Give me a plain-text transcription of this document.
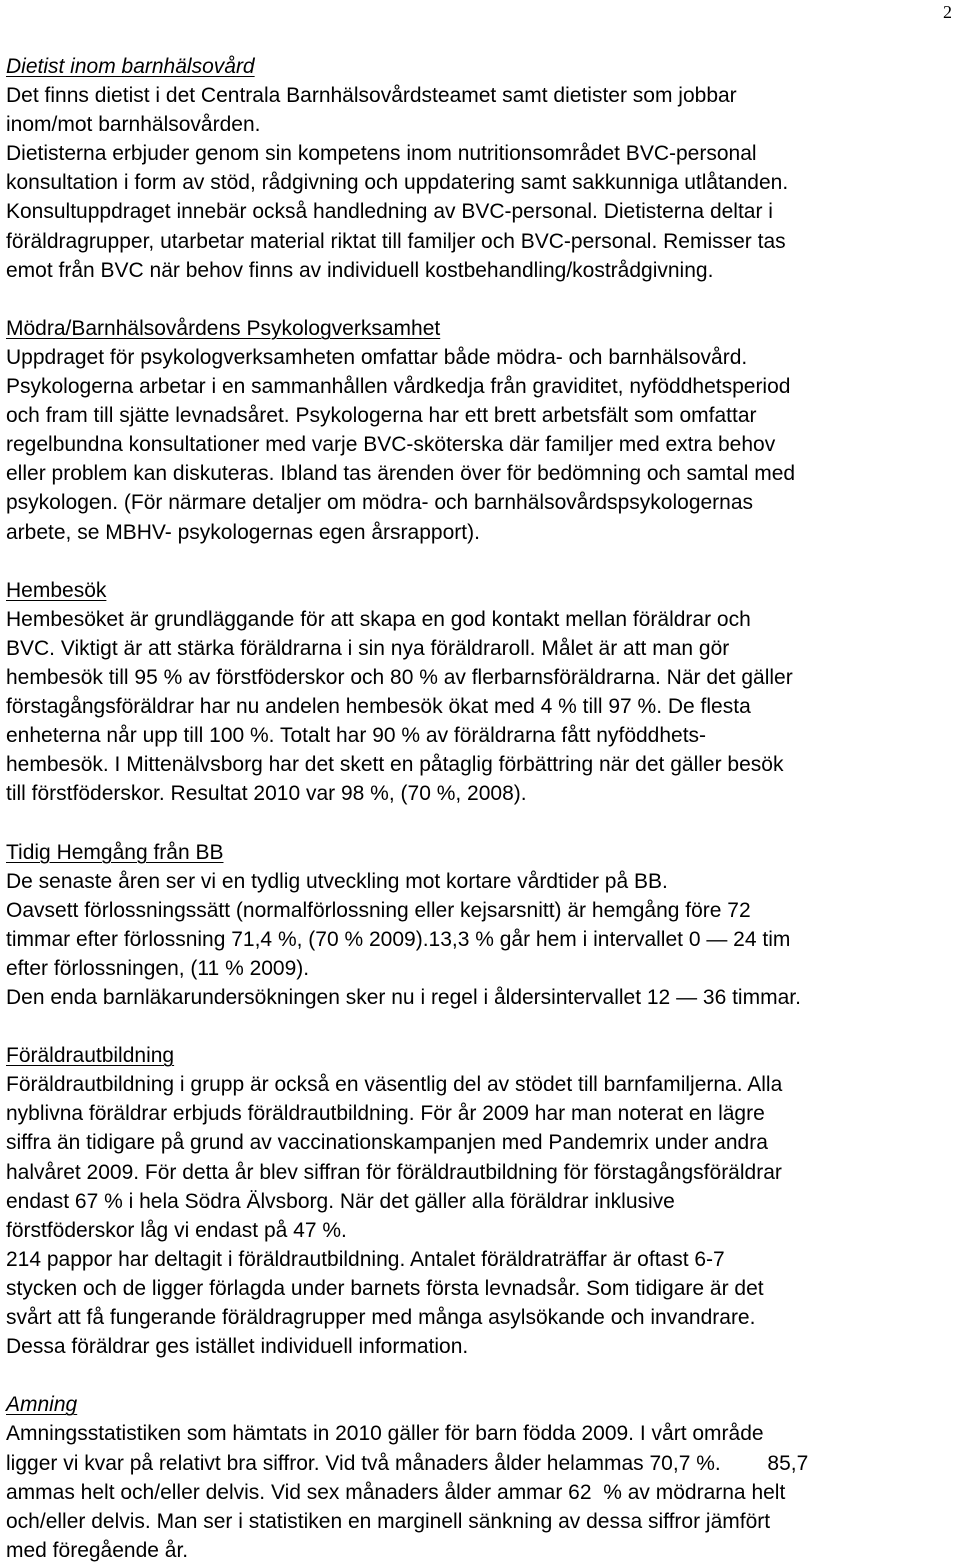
2
Dietist inom barnhälsovård
Det finns dietist i det Centrala Barnhälsovårdsteamet samt dietister som jobbar
inom/mot barnhälsovården.
Dietisterna erbjuder genom sin kompetens inom nutritionsområdet BVC-personal
konsultation i form av stöd, rådgivning och uppdatering samt sakkunniga utlåtanden.
Konsultuppdraget innebär också handledning av BVC-personal. Dietisterna deltar i
föräldragrupper, utarbetar material riktat till familjer och BVC-personal. Remisser tas
emot från BVC när behov finns av individuell kostbehandling/kostrådgivning.
Mödra/Barnhälsovårdens Psykologverksamhet
Uppdraget för psykologverksamheten omfattar både mödra- och barnhälsovård.
Psykologerna arbetar i en sammanhållen vårdkedja från graviditet, nyföddhetsperiod
och fram till sjätte levnadsåret. Psykologerna har ett brett arbetsfält som omfattar
regelbundna konsultationer med varje BVC-sköterska där familjer med extra behov
eller problem kan diskuteras. Ibland tas ärenden över för bedömning och samtal med
psykologen. (För närmare detaljer om mödra- och barnhälsovårdspsykologernas
arbete, se MBHV- psykologernas egen årsrapport).
Hembesök
Hembesöket är grundläggande för att skapa en god kontakt mellan föräldrar och
BVC. Viktigt är att stärka föräldrarna i sin nya föräldraroll. Målet är att man gör
hembesök till 95 % av förstföderskor och 80 % av flerbarnsföräldrarna. När det gäller
förstagångsföräldrar har nu andelen hembesök ökat med 4 % till 97 %. De flesta
enheterna når upp till 100 %. Totalt har 90 % av föräldrarna fått nyföddhets-
hembesök. I Mittenälvsborg har det skett en påtaglig förbättring när det gäller besök
till förstföderskor. Resultat 2010 var 98 %, (70 %, 2008).
Tidig Hemgång från BB
De senaste åren ser vi en tydlig utveckling mot kortare vårdtider på BB.
Oavsett förlossningssätt (normalförlossning eller kejsarsnitt) är hemgång före 72
timmar efter förlossning 71,4 %, (70 % 2009).13,3 % går hem i intervallet 0 — 24 tim
efter förlossningen, (11 % 2009).
Den enda barnläkarundersökningen sker nu i regel i åldersintervallet 12 — 36 timmar.
Föräldrautbildning
Föräldrautbildning i grupp är också en väsentlig del av stödet till barnfamiljerna. Alla
nyblivna föräldrar erbjuds föräldrautbildning. För år 2009 har man noterat en lägre
siffra än tidigare på grund av vaccinationskampanjen med Pandemrix under andra
halvåret 2009. För detta år blev siffran för föräldrautbildning för förstagångsföräldrar
endast 67 % i hela Södra Älvsborg. När det gäller alla föräldrar inklusive
förstföderskor låg vi endast på 47 %.
214 pappor har deltagit i föräldrautbildning. Antalet föräldraträffar är oftast 6-7
stycken och de ligger förlagda under barnets första levnadsår. Som tidigare är det
svårt att få fungerande föräldragrupper med många asylsökande och invandrare.
Dessa föräldrar ges istället individuell information.
Amning
Amningsstatistiken som hämtats in 2010 gäller för barn födda 2009. I vårt område
ligger vi kvar på relativt bra siffror. Vid två månaders ålder helammas 70,7 %.        85,7
ammas helt och/eller delvis. Vid sex månaders ålder ammar 62  % av mödrarna helt
och/eller delvis. Man ser i statistiken en marginell sänkning av dessa siffror jämfört
med föregående år.
